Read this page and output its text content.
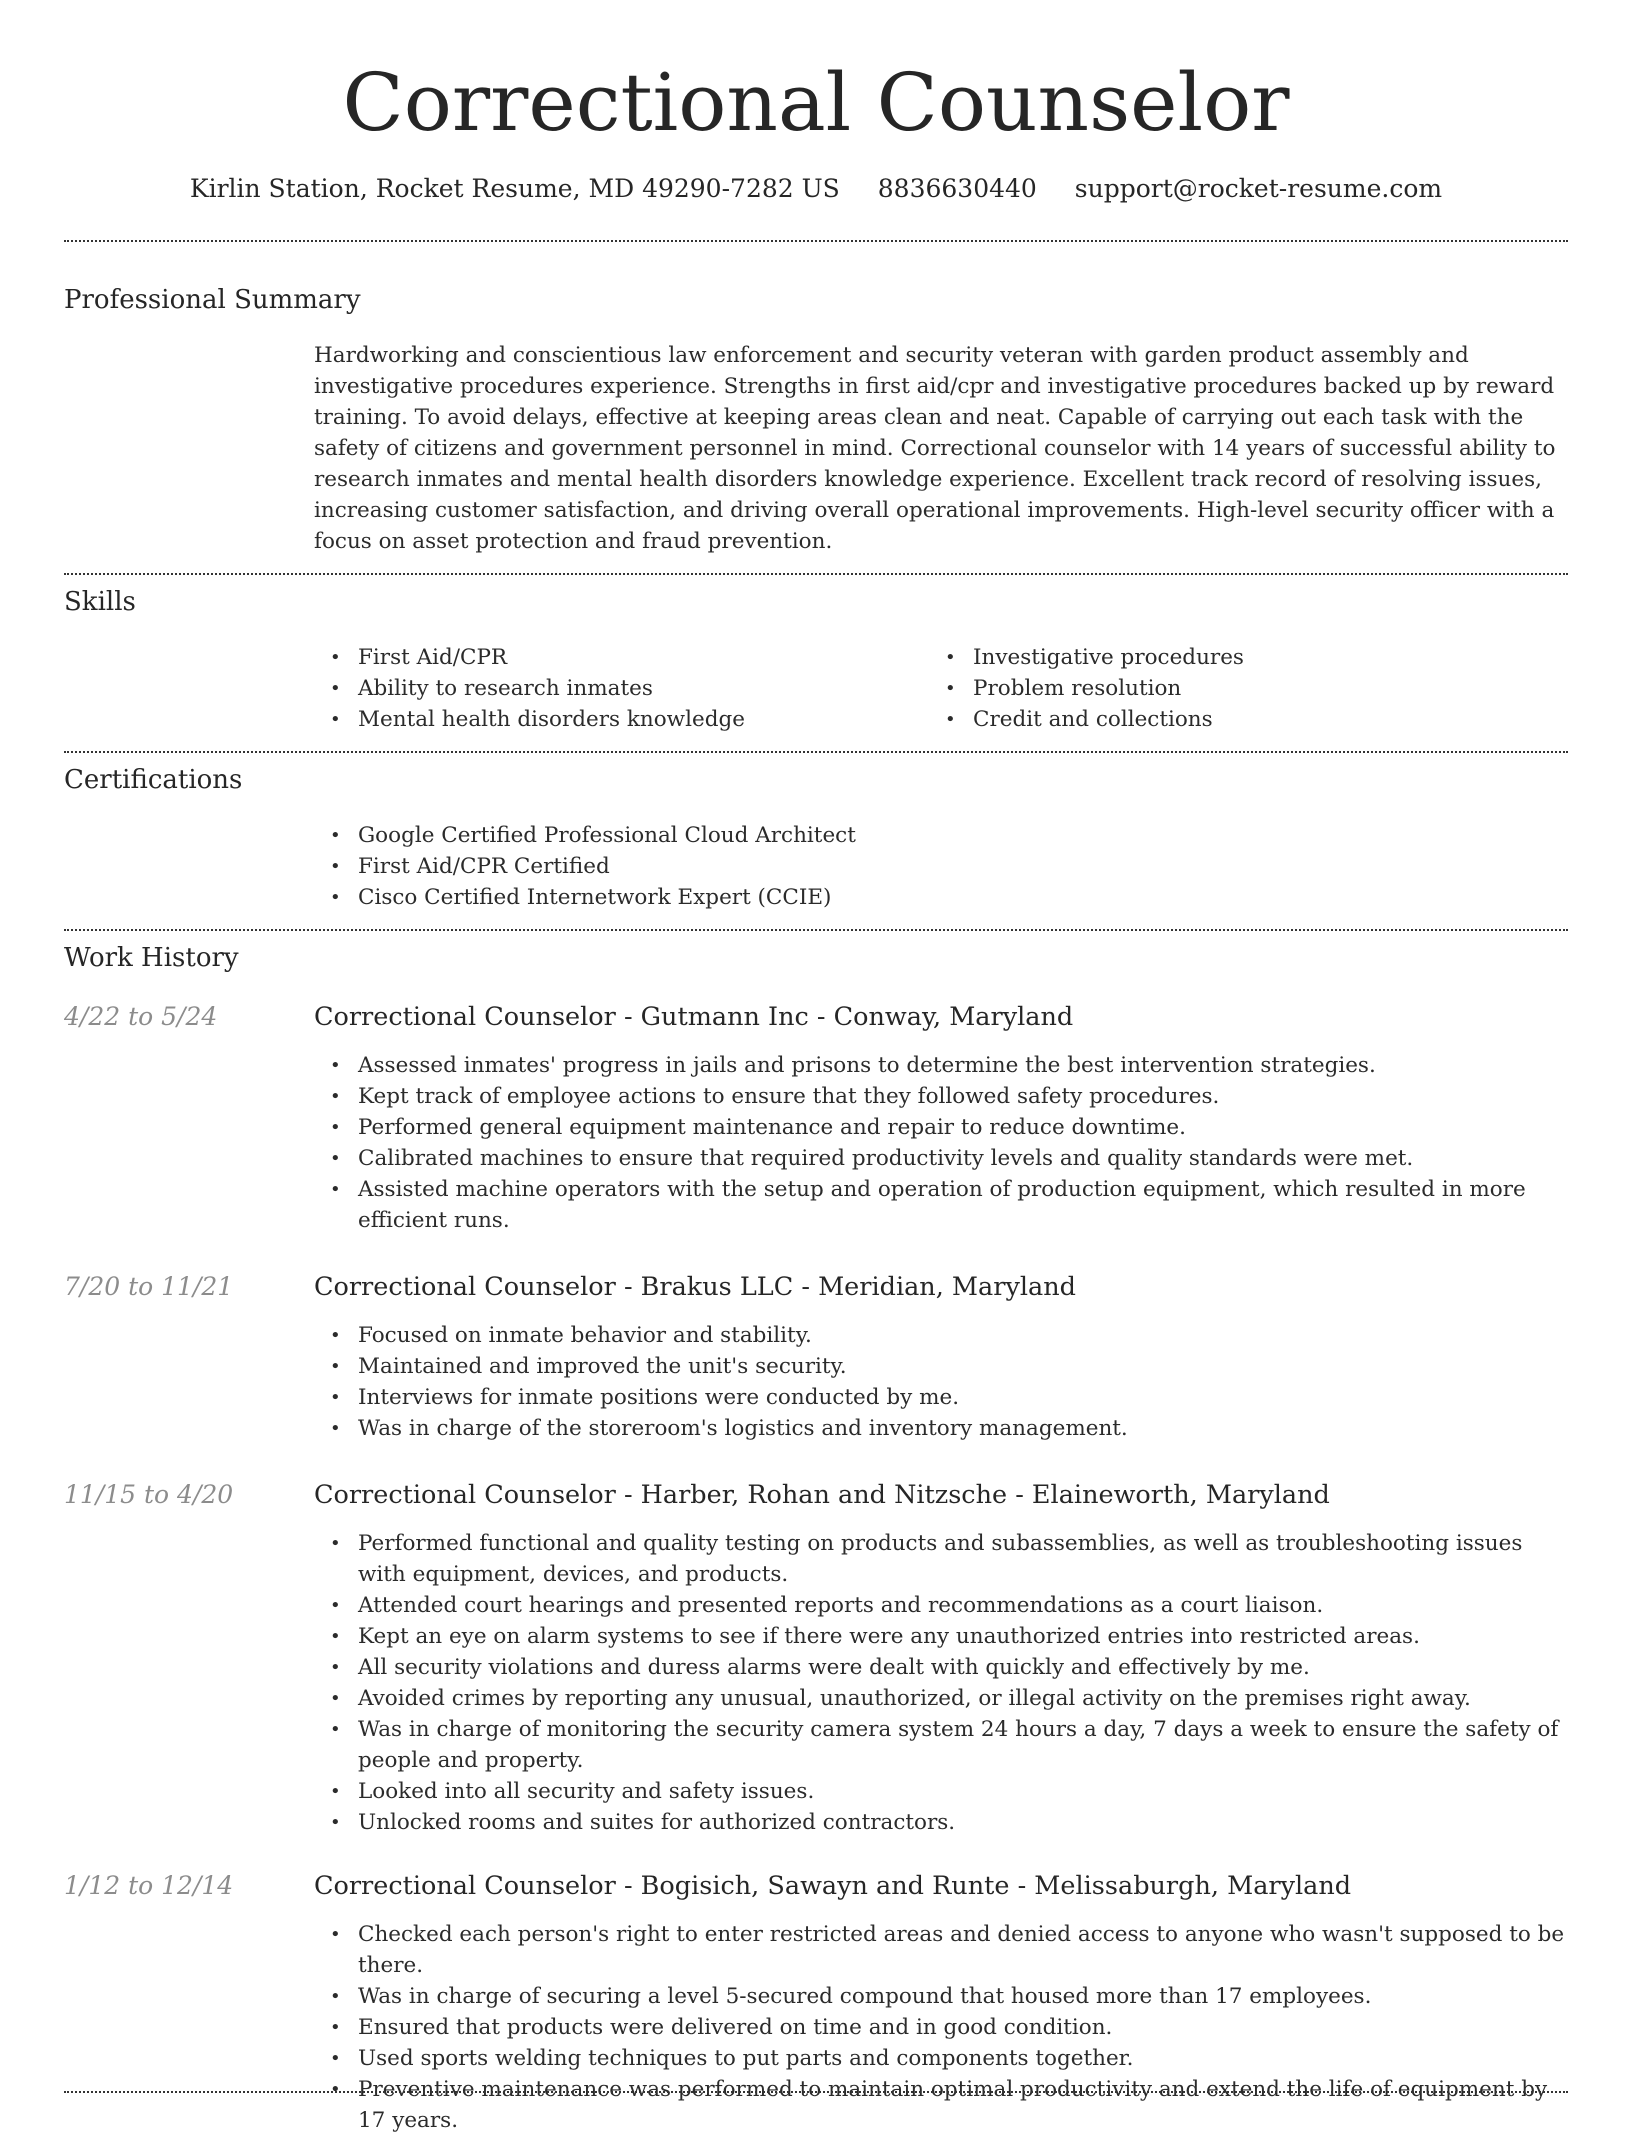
Correctional Counselor
Kirlin Station, Rocket Resume, MD 49290-7282 US 8836630440 support@rocket-resume.com
Professional Summary
Hardworking and conscientious law enforcement and security veteran with garden product assembly and investigative procedures experience. Strengths in first aid/cpr and investigative procedures backed up by reward training. To avoid delays, effective at keeping areas clean and neat. Capable of carrying out each task with the safety of citizens and government personnel in mind. Correctional counselor with 14 years of successful ability to research inmates and mental health disorders knowledge experience. Excellent track record of resolving issues, increasing customer satisfaction, and driving overall operational improvements. High-level security officer with a focus on asset protection and fraud prevention.
Skills
• First Aid/CPR
• Ability to research inmates
• Mental health disorders knowledge
• Investigative procedures
• Problem resolution
• Credit and collections
Certifications
• Google Certified Professional Cloud Architect
• First Aid/CPR Certified
• Cisco Certified Internetwork Expert (CCIE)
Work History
4/22 to 5/24	Correctional Counselor - Gutmann Inc - Conway, Maryland
• Assessed inmates' progress in jails and prisons to determine the best intervention strategies.
• Kept track of employee actions to ensure that they followed safety procedures.
• Performed general equipment maintenance and repair to reduce downtime.
• Calibrated machines to ensure that required productivity levels and quality standards were met.
• Assisted machine operators with the setup and operation of production equipment, which resulted in more efficient runs.
7/20 to 11/21	Correctional Counselor - Brakus LLC - Meridian, Maryland
• Focused on inmate behavior and stability.
• Maintained and improved the unit's security.
• Interviews for inmate positions were conducted by me.
• Was in charge of the storeroom's logistics and inventory management.
11/15 to 4/20	Correctional Counselor - Harber, Rohan and Nitzsche - Elaineworth, Maryland
• Performed functional and quality testing on products and subassemblies, as well as troubleshooting issues with equipment, devices, and products.
• Attended court hearings and presented reports and recommendations as a court liaison.
• Kept an eye on alarm systems to see if there were any unauthorized entries into restricted areas.
• All security violations and duress alarms were dealt with quickly and effectively by me.
• Avoided crimes by reporting any unusual, unauthorized, or illegal activity on the premises right away.
• Was in charge of monitoring the security camera system 24 hours a day, 7 days a week to ensure the safety of people and property.
• Looked into all security and safety issues.
• Unlocked rooms and suites for authorized contractors.
1/12 to 12/14	Correctional Counselor - Bogisich, Sawayn and Runte - Melissaburgh, Maryland
• Checked each person's right to enter restricted areas and denied access to anyone who wasn't supposed to be there.
• Was in charge of securing a level 5-secured compound that housed more than 17 employees.
• Ensured that products were delivered on time and in good condition.
• Used sports welding techniques to put parts and components together.
• Preventive maintenance was performed to maintain optimal productivity and extend the life of equipment by 17 years.
